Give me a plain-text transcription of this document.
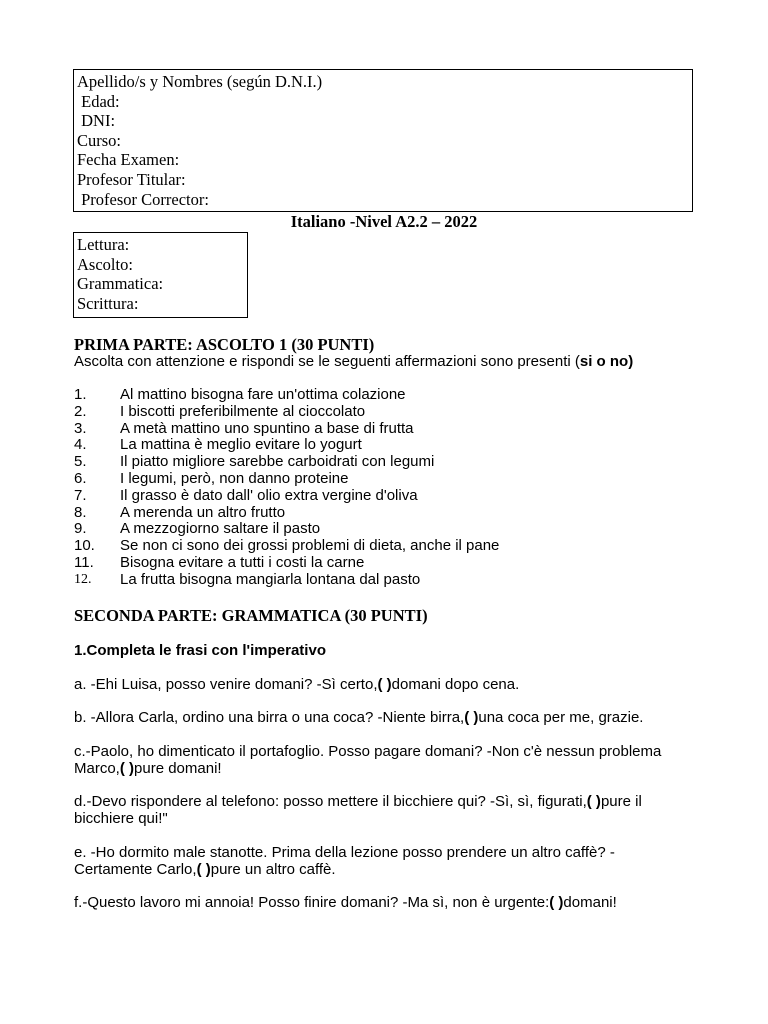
Apellido/s y Nombres (según D.N.I.)
Edad:
DNI:
Curso:
Fecha Examen:
Profesor Titular:
Profesor Corrector:
Italiano -Nivel A2.2 – 2022
Lettura:
Ascolto:
Grammatica:
Scrittura:
PRIMA PARTE: ASCOLTO 1 (30 PUNTI)
Ascolta con attenzione e rispondi se le seguenti affermazioni sono presenti (si o no)
1. Al mattino bisogna fare un'ottima colazione
2. I biscotti preferibilmente al cioccolato
3. A metà mattino uno spuntino a base di frutta
4. La mattina è meglio evitare lo yogurt
5. Il piatto migliore sarebbe carboidrati con legumi
6. I legumi, però, non danno proteine
7. Il grasso è dato dall' olio extra vergine d'oliva
8. A merenda un altro frutto
9. A mezzogiorno saltare il pasto
10. Se non ci sono dei grossi problemi di dieta, anche il pane
11. Bisogna evitare a tutti i costi la carne
12. La frutta bisogna mangiarla lontana dal pasto
SECONDA PARTE: GRAMMATICA (30 PUNTI)
1.Completa le frasi con l'imperativo
a. -Ehi Luisa, posso venire domani? -Sì certo,( )domani dopo cena.
b. -Allora Carla, ordino una birra o una coca? -Niente birra,( )una coca per me, grazie.
c.-Paolo, ho dimenticato il portafoglio. Posso pagare domani? -Non c'è nessun problema Marco,( )pure domani!
d.-Devo rispondere al telefono: posso mettere il bicchiere qui? -Sì, sì, figurati,( )pure il bicchiere qui!"
e. -Ho dormito male stanotte. Prima della lezione posso prendere un altro caffè? - Certamente Carlo,( )pure un altro caffè.
f.-Questo lavoro mi annoia! Posso finire domani? -Ma sì, non è urgente:( )domani!
